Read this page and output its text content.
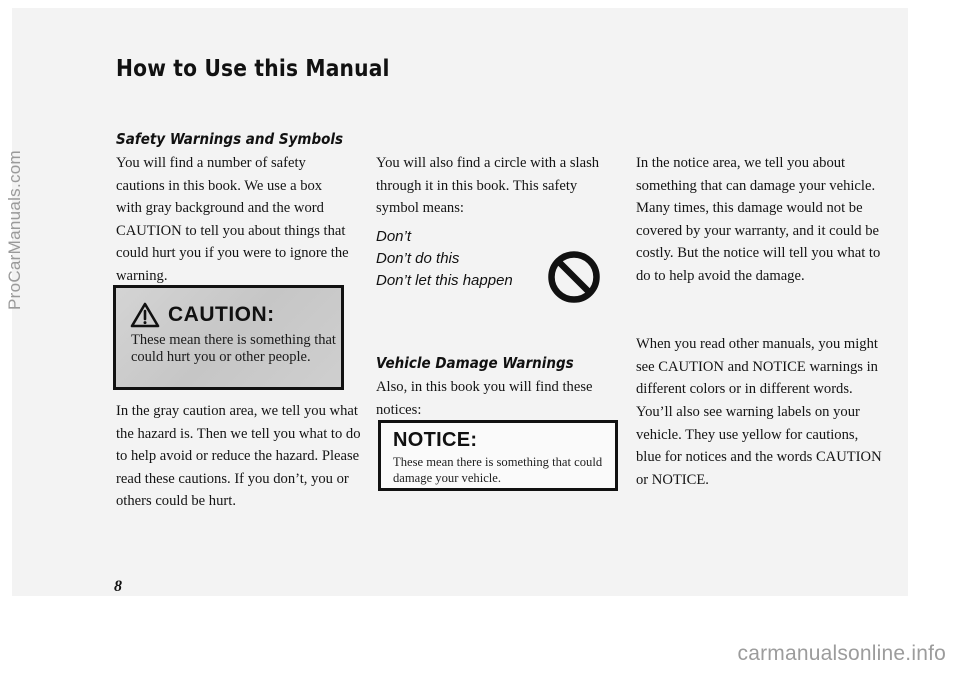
ProCarManuals.com
How to Use this Manual
Safety Warnings and Symbols

You will find a number of safety cautions in this book. We use a box with gray background and the word CAUTION to tell you about things that could hurt you if you were to ignore the warning.

CAUTION:

These mean there is something that could hurt you or other people.

In the gray caution area, we tell you what the hazard is. Then we tell you what to do to help avoid or reduce the hazard. Please read these cautions. If you don’t, you or others could be hurt.

You will also find a circle with a slash through it in this book. This safety symbol means:

Don’t
Don’t do this
Don’t let this happen
Vehicle Damage Warnings

Also, in this book you will find these notices:

NOTICE:

These mean there is something that could damage your vehicle.

In the notice area, we tell you about something that can damage your vehicle. Many times, this damage would not be covered by your warranty, and it could be costly. But the notice will tell you what to do to help avoid the damage.

When you read other manuals, you might see CAUTION and NOTICE warnings in different colors or in different words.

You’ll also see warning labels on your vehicle. They use yellow for cautions, blue for notices and the words CAUTION or NOTICE.

8
carmanualsonline.info
